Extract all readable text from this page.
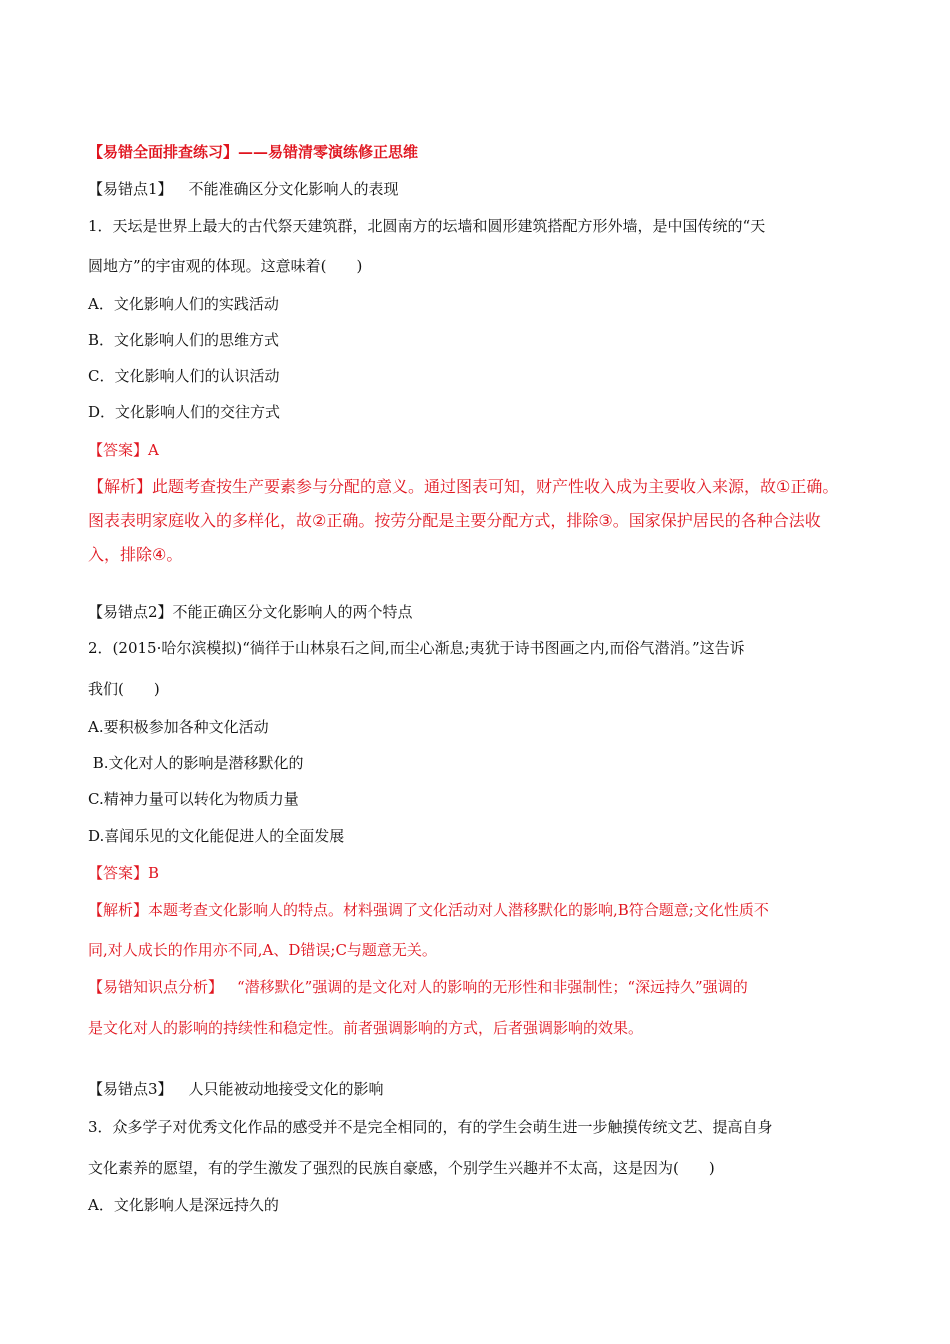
【易错全面排查练习】——易错清零演练修正思维
【易错点1】 不能准确区分文化影响人的表现
1．天坛是世界上最大的古代祭天建筑群，北圆南方的坛墙和圆形建筑搭配方形外墙，是中国传统的“天
圆地方”的宇宙观的体现。这意味着(　　)
A．文化影响人们的实践活动
B．文化影响人们的思维方式
C．文化影响人们的认识活动
D．文化影响人们的交往方式
【答案】A
【解析】此题考查按生产要素参与分配的意义。通过图表可知，财产性收入成为主要收入来源，故①正确。
图表表明家庭收入的多样化，故②正确。按劳分配是主要分配方式，排除③。国家保护居民的各种合法收
入，排除④。
【易错点2】不能正确区分文化影响人的两个特点
2．(2015·哈尔滨模拟)“徜徉于山林泉石之间,而尘心渐息;夷犹于诗书图画之内,而俗气潜消。”这告诉
我们(　　)
A.要积极参加各种文化活动
B.文化对人的影响是潜移默化的
C.精神力量可以转化为物质力量
D.喜闻乐见的文化能促进人的全面发展
【答案】B
【解析】本题考查文化影响人的特点。材料强调了文化活动对人潜移默化的影响,B符合题意;文化性质不
同,对人成长的作用亦不同,A、D错误;C与题意无关。
【易错知识点分析】 “潜移默化”强调的是文化对人的影响的无形性和非强制性；“深远持久”强调的
是文化对人的影响的持续性和稳定性。前者强调影响的方式，后者强调影响的效果。
【易错点3】 人只能被动地接受文化的影响
3．众多学子对优秀文化作品的感受并不是完全相同的，有的学生会萌生进一步触摸传统文艺、提高自身
文化素养的愿望，有的学生激发了强烈的民族自豪感，个别学生兴趣并不太高，这是因为(　　)
A．文化影响人是深远持久的
